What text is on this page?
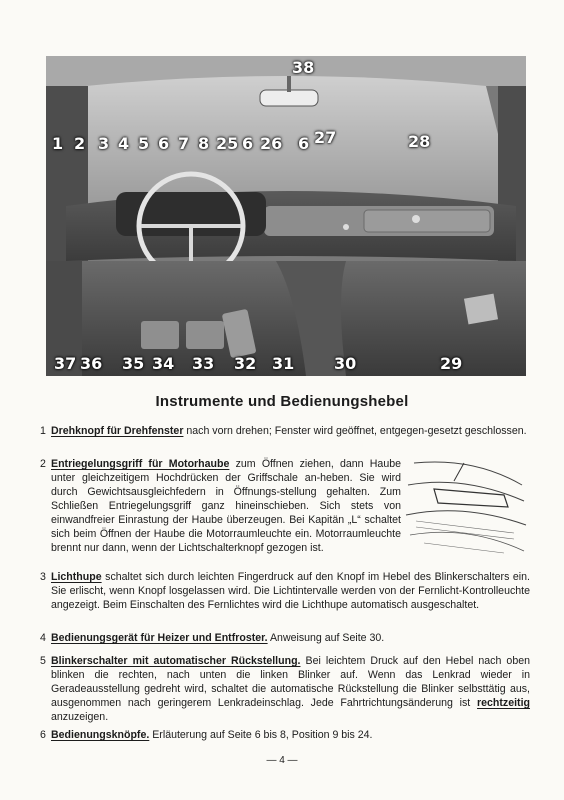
38
1 2 3 4 5 6 7 8 25 6 26 27
6	28
37 36 35 34 33 32 31 30	29
Instrumente und Bedienungshebel
1 Drehknopf für Drehfenster nach vorn drehen; Fenster wird geöffnet, entgegen-gesetzt geschlossen.
2 Entriegelungsgriff für Motorhaube zum Öffnen ziehen, dann Haube unter gleichzeitigem Hochdrücken der Griffschale an-heben. Sie wird durch Gewichtsausgleichfedern in Öffnungs-stellung gehalten. Zum Schließen Entriegelungsgriff ganz hineinschieben. Sich stets von einwandfreier Einrastung der Haube überzeugen. Bei Kapitän „L“ schaltet sich beim Öffnen der Haube die Motorraumleuchte ein. Motorraumleuchte brennt nur dann, wenn der Lichtschalterknopf gezogen ist.
3 Lichthupe schaltet sich durch leichten Fingerdruck auf den Knopf im Hebel des Blinkerschalters ein. Sie erlischt, wenn Knopf losgelassen wird. Die Lichtintervalle werden von der Fernlicht-Kontrolleuchte angezeigt. Beim Einschalten des Fernlichtes wird die Lichthupe automatisch ausgeschaltet.
4 Bedienungsgerät für Heizer und Entfroster. Anweisung auf Seite 30.
5 Blinkerschalter mit automatischer Rückstellung. Bei leichtem Druck auf den Hebel nach oben blinken die rechten, nach unten die linken Blinker auf. Wenn das Lenkrad wieder in Geradeausstellung gedreht wird, schaltet die automatische Rückstellung die Blinker selbsttätig aus, ausgenommen nach geringerem Lenkradeinschlag. Jede Fahrtrichtungsänderung ist rechtzeitig anzuzeigen.
6 Bedienungsknöpfe. Erläuterung auf Seite 6 bis 8, Position 9 bis 24.
— 4 —
